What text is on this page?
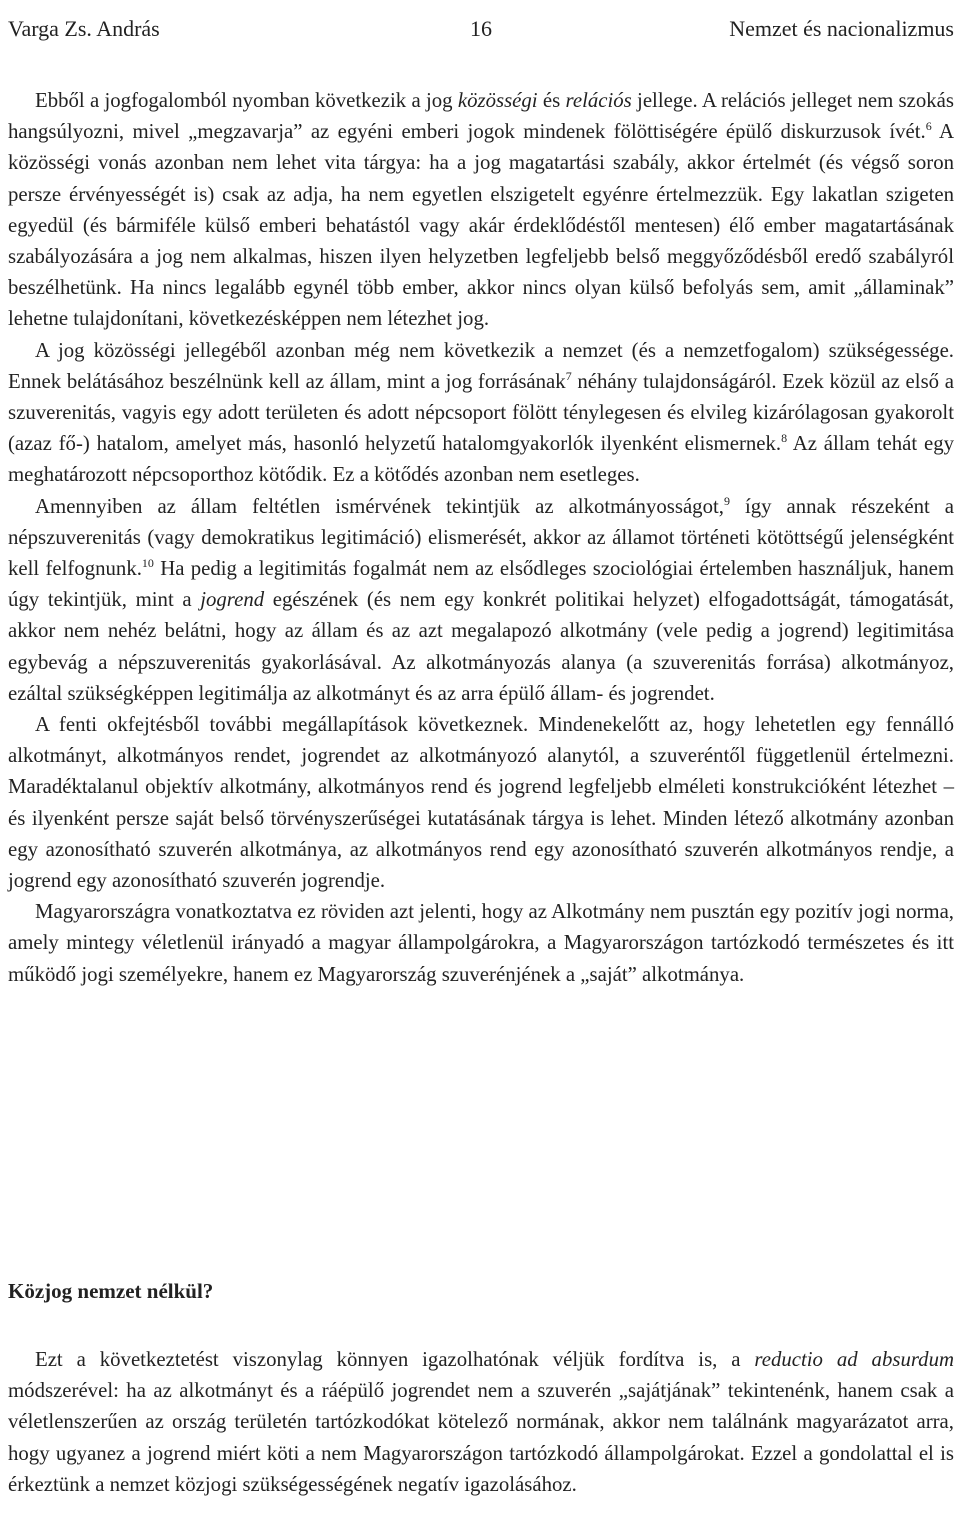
Varga Zs. András	16	Nemzet és nacionalizmus

Ebből a jogfogalomból nyomban következik a jog közösségi és relációs jellege. A relációs jelleget nem szokás hangsúlyozni, mivel „megzavarja” az egyéni emberi jogok mindenek fölöttiségére épülő diskurzusok ívét.$^6$ A közösségi vonás azonban nem lehet vita tárgya: ha a jog magatartási szabály, akkor értelmét (és végső soron persze érvényességét is) csak az adja, ha nem egyetlen elszigetelt egyénre értelmezzük. Egy lakatlan szigeten egyedül (és bármiféle külső emberi behatástól vagy akár érdeklődéstől mentesen) élő ember magatartásának szabályozására a jog nem alkalmas, hiszen ilyen helyzetben legfeljebb belső meggyőződésből eredő szabályról beszélhetünk. Ha nincs legalább egynél több ember, akkor nincs olyan külső befolyás sem, amit „államinak” lehetne tulajdonítani, következésképpen nem létezhet jog.

A jog közösségi jellegéből azonban még nem következik a nemzet (és a nemzetfogalom) szükségessége. Ennek belátásához beszélnünk kell az állam, mint a jog forrásának$^7$ néhány tulajdonságáról. Ezek közül az első a szuverenitás, vagyis egy adott területen és adott népcsoport fölött ténylegesen és elvileg kizárólagosan gyakorolt (azaz fő-) hatalom, amelyet más, hasonló helyzetű hatalomgyakorlók ilyenként elismernek.$^8$ Az állam tehát egy meghatározott népcsoporthoz kötődik. Ez a kötődés azonban nem esetleges.

Amennyiben az állam feltétlen ismérvének tekintjük az alkotmányosságot,$^9$ így annak részeként a népszuverenitás (vagy demokratikus legitimáció) elismerését, akkor az államot történeti kötöttségű jelenségként kell felfognunk.$^{10}$ Ha pedig a legitimitás fogalmát nem az elsődleges szociológiai értelemben használjuk, hanem úgy tekintjük, mint a jogrend egészének (és nem egy konkrét politikai helyzet) elfogadottságát, támogatását, akkor nem nehéz belátni, hogy az állam és az azt megalapozó alkotmány (vele pedig a jogrend) legitimitása egybevág a népszuverenitás gyakorlásával. Az alkotmányozás alanya (a szuverenitás forrása) alkotmányoz, ezáltal szükségképpen legitimálja az alkotmányt és az arra épülő állam- és jogrendet.

A fenti okfejtésből további megállapítások következnek. Mindenekelőtt az, hogy lehetetlen egy fennálló alkotmányt, alkotmányos rendet, jogrendet az alkotmányozó alanytól, a szuveréntől függetlenül értelmezni. Maradéktalanul objektív alkotmány, alkotmányos rend és jogrend legfeljebb elméleti konstrukcióként létezhet – és ilyenként persze saját belső törvényszerűségei kutatásának tárgya is lehet. Minden létező alkotmány azonban egy azonosítható szuverén alkotmánya, az alkotmányos rend egy azonosítható szuverén alkotmányos rendje, a jogrend egy azonosítható szuverén jogrendje.

Magyarországra vonatkoztatva ez röviden azt jelenti, hogy az Alkotmány nem pusztán egy pozitív jogi norma, amely mintegy véletlenül irányadó a magyar állampolgárokra, a Magyarországon tartózkodó természetes és itt működő jogi személyekre, hanem ez Magyarország szuverénjének a „saját” alkotmánya.

Közjog nemzet nélkül?

Ezt a következtetést viszonylag könnyen igazolhatónak véljük fordítva is, a reductio ad absurdum módszerével: ha az alkotmányt és a ráépülő jogrendet nem a szuverén „sajátjának” tekintenénk, hanem csak a véletlenszerűen az ország területén tartózkodókat kötelező normának, akkor nem találnánk magyarázatot arra, hogy ugyanez a jogrend miért köti a nem Magyarországon tartózkodó állampolgárokat. Ezzel a gondolattal el is érkeztünk a nemzet közjogi szükségességének negatív igazolásához.
